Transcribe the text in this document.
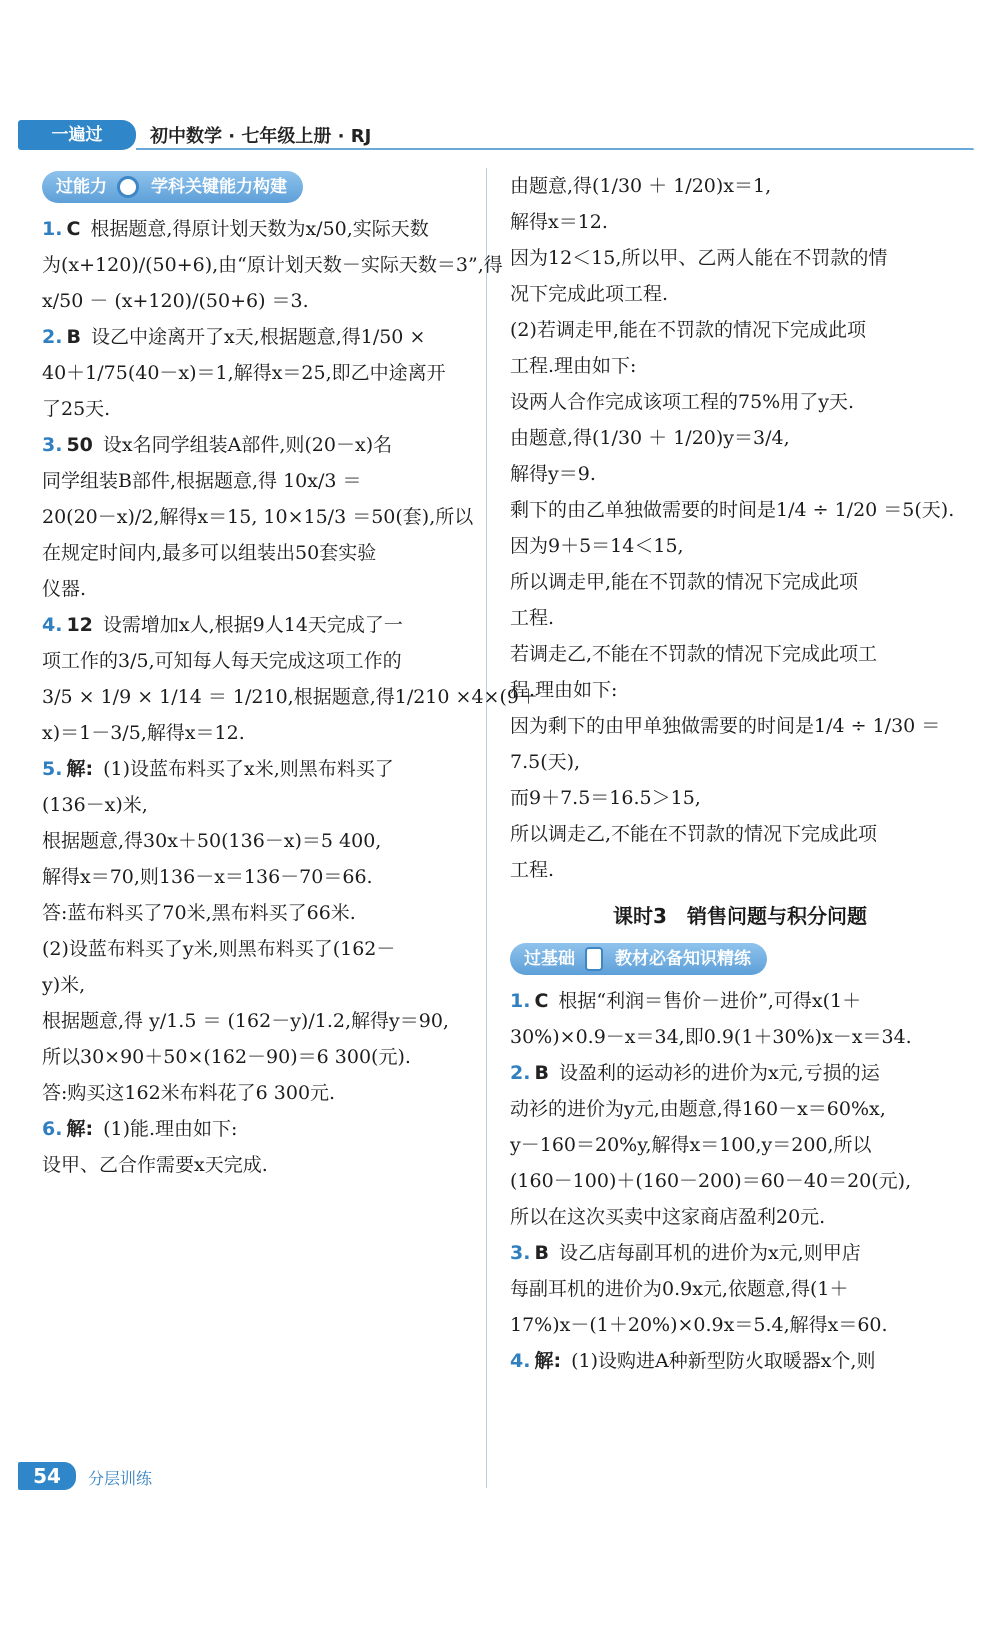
一遍过	初中数学 · 七年级上册 · RJ
过能力	学科关键能力构建
1. C 根据题意,得原计划天数为x/50,实际天数
为(x+120)/(50+6),由“原计划天数－实际天数＝3”,得
x/50 － (x+120)/(50+6) ＝3.
2. B 设乙中途离开了x天,根据题意,得1/50 ×
40＋1/75(40－x)＝1,解得x＝25,即乙中途离开
了25天.
3. 50 设x名同学组装A部件,则(20－x)名
同学组装B部件,根据题意,得 10x/3 ＝
20(20－x)/2,解得x＝15, 10×15/3 ＝50(套),所以
在规定时间内,最多可以组装出50套实验
仪器.
4. 12 设需增加x人,根据9人14天完成了一
项工作的3/5,可知每人每天完成这项工作的
3/5 × 1/9 × 1/14 ＝ 1/210,根据题意,得1/210 ×4×(9＋
x)＝1－3/5,解得x＝12.
5. 解: (1)设蓝布料买了x米,则黑布料买了
(136－x)米,
根据题意,得30x＋50(136－x)＝5 400,
解得x＝70,则136－x＝136－70＝66.
答:蓝布料买了70米,黑布料买了66米.
(2)设蓝布料买了y米,则黑布料买了(162－
y)米,
根据题意,得 y/1.5 ＝ (162－y)/1.2,解得y＝90,
所以30×90＋50×(162－90)＝6 300(元).
答:购买这162米布料花了6 300元.
6. 解: (1)能.理由如下:
设甲、乙合作需要x天完成.
由题意,得(1/30 ＋ 1/20)x＝1,
解得x＝12.
因为12＜15,所以甲、乙两人能在不罚款的情
况下完成此项工程.
(2)若调走甲,能在不罚款的情况下完成此项
工程.理由如下:
设两人合作完成该项工程的75%用了y天.
由题意,得(1/30 ＋ 1/20)y＝3/4,
解得y＝9.
剩下的由乙单独做需要的时间是1/4 ÷ 1/20 ＝5(天).
因为9＋5＝14＜15,
所以调走甲,能在不罚款的情况下完成此项
工程.
若调走乙,不能在不罚款的情况下完成此项工
程.理由如下:
因为剩下的由甲单独做需要的时间是1/4 ÷ 1/30 ＝
7.5(天),
而9＋7.5＝16.5＞15,
所以调走乙,不能在不罚款的情况下完成此项
工程.
课时3　销售问题与积分问题
过基础 教材必备知识精练
1. C 根据“利润＝售价－进价”,可得x(1＋
30%)×0.9－x＝34,即0.9(1＋30%)x－x＝34.
2. B 设盈利的运动衫的进价为x元,亏损的运
动衫的进价为y元,由题意,得160－x＝60%x,
y－160＝20%y,解得x＝100,y＝200,所以
(160－100)＋(160－200)＝60－40＝20(元),
所以在这次买卖中这家商店盈利20元.
3. B 设乙店每副耳机的进价为x元,则甲店
每副耳机的进价为0.9x元,依题意,得(1＋
17%)x－(1＋20%)×0.9x＝5.4,解得x＝60.
4. 解: (1)设购进A种新型防火取暖器x个,则
54	分层训练
